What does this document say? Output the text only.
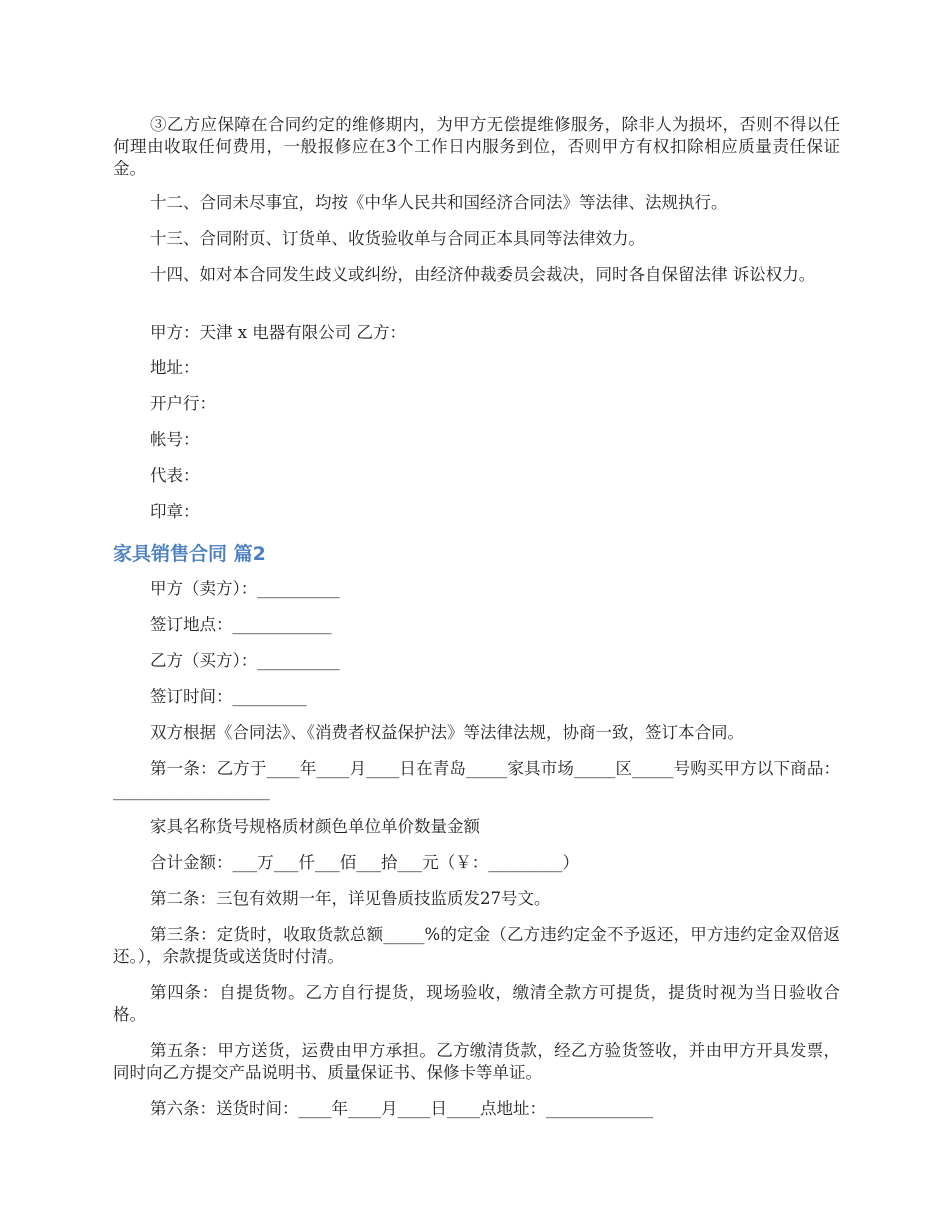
③乙方应保障在合同约定的维修期内，为甲方无偿提维修服务，除非人为损坏，否则不得以任何理由收取任何费用，一般报修应在3个工作日内服务到位，否则甲方有权扣除相应质量责任保证金。
十二、合同未尽事宜，均按《中华人民共和国经济合同法》等法律、法规执行。
十三、合同附页、订货单、收货验收单与合同正本具同等法律效力。
十四、如对本合同发生歧义或纠纷，由经济仲裁委员会裁决，同时各自保留法律 诉讼权力。
甲方：天津 x 电器有限公司 乙方：
地址：
开户行：
帐号：
代表：
印章：
家具销售合同 篇2
甲方（卖方）：__________
签订地点：____________
乙方（买方）：__________
签订时间：_________
双方根据《合同法》、《消费者权益保护法》等法律法规，协商一致，签订本合同。
第一条：乙方于____年____月____日在青岛_____家具市场_____区_____号购买甲方以下商品：___________________
家具名称货号规格质材颜色单位单价数量金额
合计金额：___万___仟___佰___拾___元（￥：_________）
第二条：三包有效期一年，详见鲁质技监质发27号文。
第三条：定货时，收取货款总额_____%的定金（乙方违约定金不予返还，甲方违约定金双倍返还。），余款提货或送货时付清。
第四条：自提货物。乙方自行提货，现场验收，缴清全款方可提货，提货时视为当日验收合格。
第五条：甲方送货，运费由甲方承担。乙方缴清货款，经乙方验货签收，并由甲方开具发票，同时向乙方提交产品说明书、质量保证书、保修卡等单证。
第六条：送货时间：____年____月____日____点地址：_____________
